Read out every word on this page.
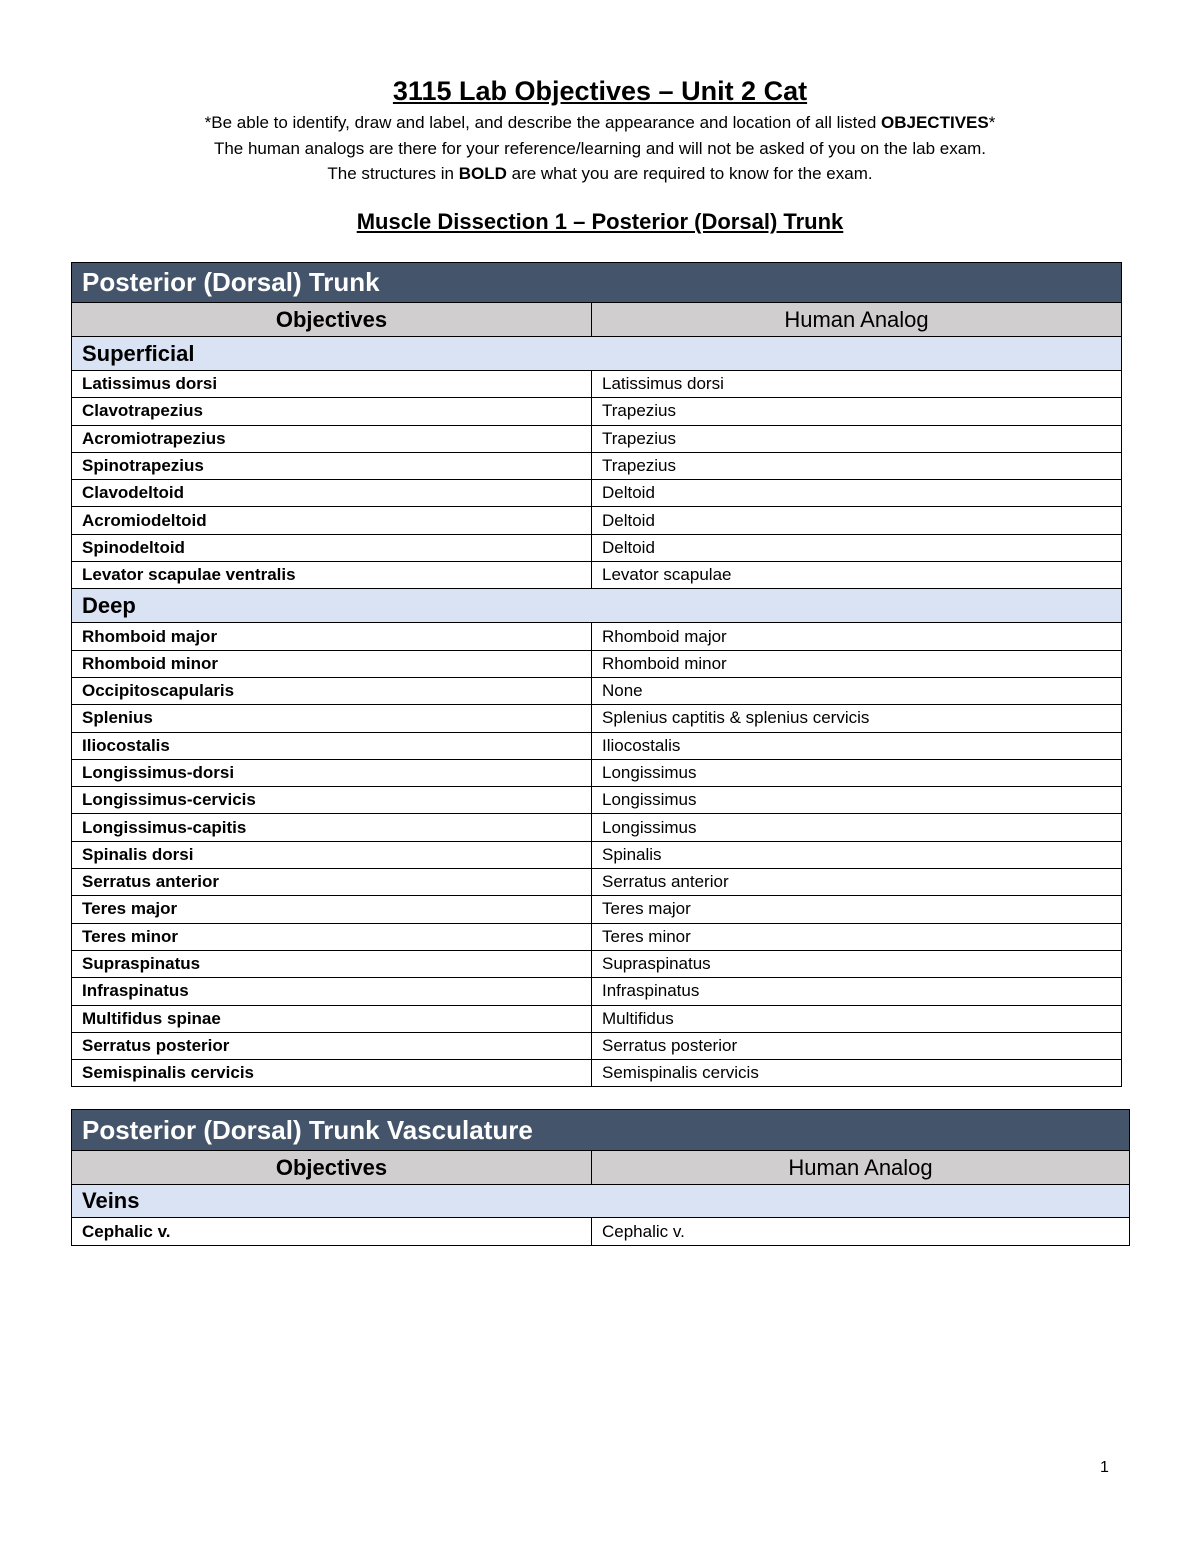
3115 Lab Objectives – Unit 2 Cat

*Be able to identify, draw and label, and describe the appearance and location of all listed OBJECTIVES*

The human analogs are there for your reference/learning and will not be asked of you on the lab exam.

The structures in BOLD are what you are required to know for the exam.

Muscle Dissection 1 – Posterior (Dorsal) Trunk
Posterior (Dorsal) Trunk	
Objectives	Human Analog
Superficial	
Latissimus dorsi	Latissimus dorsi
Clavotrapezius	Trapezius
Acromiotrapezius	Trapezius
Spinotrapezius	Trapezius
Clavodeltoid	Deltoid
Acromiodeltoid	Deltoid
Spinodeltoid	Deltoid
Levator scapulae ventralis	Levator scapulae
Deep	
Rhomboid major	Rhomboid major
Rhomboid minor	Rhomboid minor
Occipitoscapularis	None
Splenius	Splenius captitis & splenius cervicis
Iliocostalis	Iliocostalis
Longissimus-dorsi	Longissimus
Longissimus-cervicis	Longissimus
Longissimus-capitis	Longissimus
Spinalis dorsi	Spinalis
Serratus anterior	Serratus anterior
Teres major	Teres major
Teres minor	Teres minor
Supraspinatus	Supraspinatus
Infraspinatus	Infraspinatus
Multifidus spinae	Multifidus
Serratus posterior	Serratus posterior
Semispinalis cervicis	Semispinalis cervicis
Posterior (Dorsal) Trunk Vasculature	
Objectives	Human Analog
Veins	
Cephalic v.	Cephalic v.
1
